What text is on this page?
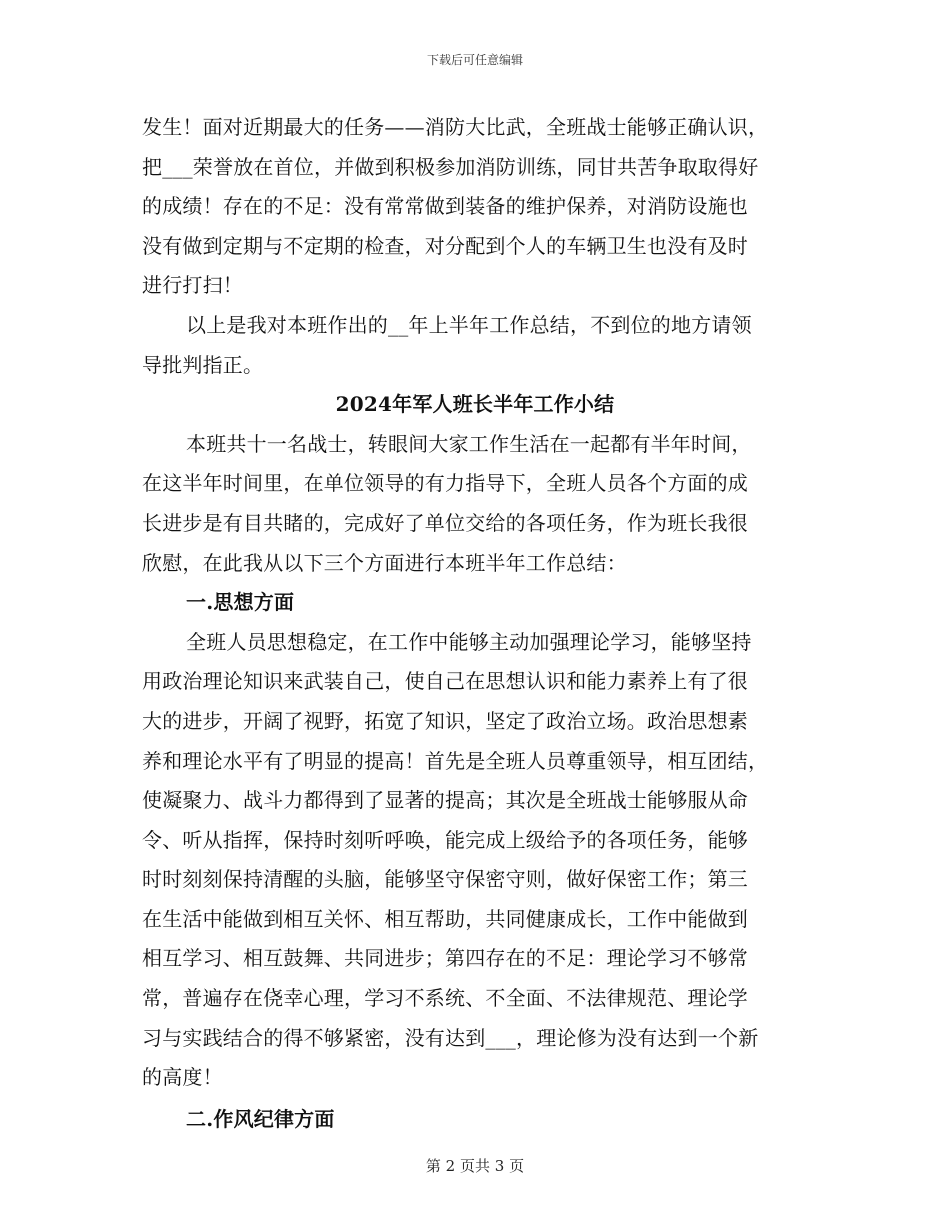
下载后可任意编辑
发生！面对近期最大的任务——消防大比武，全班战士能够正确认识，
把___荣誉放在首位，并做到积极参加消防训练，同甘共苦争取取得好
的成绩！存在的不足：没有常常做到装备的维护保养，对消防设施也
没有做到定期与不定期的检查，对分配到个人的车辆卫生也没有及时
进行打扫！
以上是我对本班作出的__年上半年工作总结，不到位的地方请领
导批判指正。
2024年军人班长半年工作小结
本班共十一名战士，转眼间大家工作生活在一起都有半年时间，
在这半年时间里，在单位领导的有力指导下，全班人员各个方面的成
长进步是有目共睹的，完成好了单位交给的各项任务，作为班长我很
欣慰，在此我从以下三个方面进行本班半年工作总结：
一.思想方面
全班人员思想稳定，在工作中能够主动加强理论学习，能够坚持
用政治理论知识来武装自己，使自己在思想认识和能力素养上有了很
大的进步，开阔了视野，拓宽了知识，坚定了政治立场。政治思想素
养和理论水平有了明显的提高！首先是全班人员尊重领导，相互团结，
使凝聚力、战斗力都得到了显著的提高；其次是全班战士能够服从命
令、听从指挥，保持时刻听呼唤，能完成上级给予的各项任务，能够
时时刻刻保持清醒的头脑，能够坚守保密守则，做好保密工作；第三
在生活中能做到相互关怀、相互帮助，共同健康成长，工作中能做到
相互学习、相互鼓舞、共同进步；第四存在的不足：理论学习不够常
常，普遍存在侥幸心理，学习不系统、不全面、不法律规范、理论学
习与实践结合的得不够紧密，没有达到___，理论修为没有达到一个新
的高度！
二.作风纪律方面
第 2 页共 3 页
